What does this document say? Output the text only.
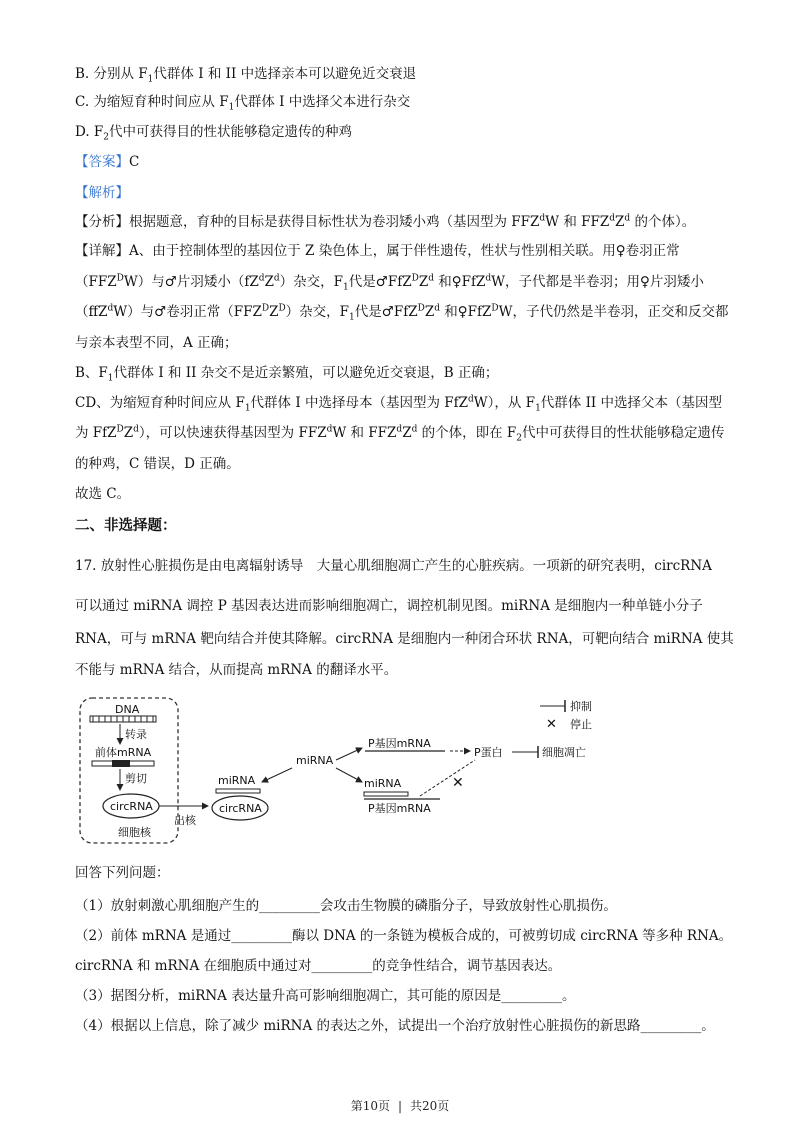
B. 分别从 $F_1$代群体 I 和 II 中选择亲本可以避免近交衰退
C. 为缩短育种时间应从 $F_1$代群体 I 中选择父本进行杂交
D. $F_2$代中可获得目的性状能够稳定遗传的种鸡
【答案】C
【解析】
【分析】根据题意，育种的目标是获得目标性状为卷羽矮小鸡（基因型为 FFZ$^d$W 和 $FFZ^dZ^d$ 的个体）。
【详解】A、由于控制体型的基因位于 Z 染色体上，属于伴性遗传，性状与性别相关联。用♀卷羽正常
$(FFZ^DW)$与♂片羽矮小$(fZ^dZ^d)$杂交，$F_1$代是$♂FfZ^DZ^d$ 和♀FfZ$^d$W，子代都是半卷羽；用♀片羽矮小
（ffZ$^d$W）与♂卷羽正常$(FFZ^DZ^D)$杂交，$F_1$代是$♂FfZ^DZ^d$ 和♀FfZ$^D$W，子代仍然是半卷羽，正交和反交都
与亲本表型不同，A 正确；
B、$F_1$代群体 I 和 II 杂交不是近亲繁殖，可以避免近交衰退，B 正确；
CD、为缩短育种时间应从 $F_1$代群体 I 中选择母本（基因型为 FfZ$^d$W），从 $F_1$代群体 II 中选择父本（基因型
为 $FfZ^DZ^d$），可以快速获得基因型为 FFZ$^d$W 和 $FFZ^dZ^d$ 的个体，即在 $F_2$代中可获得目的性状能够稳定遗传
的种鸡，C 错误，D 正确。
故选 C。
二、非选择题：
17. 放射性心脏损伤是由电离辐射诱导　大量心肌细胞凋亡产生的心脏疾病。一项新的研究表明，circRNA
可以通过 miRNA 调控 P 基因表达进而影响细胞凋亡，调控机制见图。miRNA 是细胞内一种单链小分子
RNA，可与 mRNA 靶向结合并使其降解。circRNA 是细胞内一种闭合环状 RNA，可靶向结合 miRNA 使其
不能与 mRNA 结合，从而提高 mRNA 的翻译水平。
DNA
转录
前体mRNA
剪切
circRNA
细胞核
出核
miRNA
circRNA
miRNA
P基因mRNA
P蛋白	细胞凋亡
miRNA
P基因mRNA
✕
抑制
✕ 停止
回答下列问题：
（1）放射刺激心肌细胞产生的_________会攻击生物膜的磷脂分子，导致放射性心肌损伤。
（2）前体 mRNA 是通过_________酶以 DNA 的一条链为模板合成的，可被剪切成 circRNA 等多种 RNA。
circRNA 和 mRNA 在细胞质中通过对_________的竞争性结合，调节基因表达。
（3）据图分析，miRNA 表达量升高可影响细胞凋亡，其可能的原因是_________。
（4）根据以上信息，除了减少 miRNA 的表达之外，试提出一个治疗放射性心脏损伤的新思路_________。
第10页 | 共20页
